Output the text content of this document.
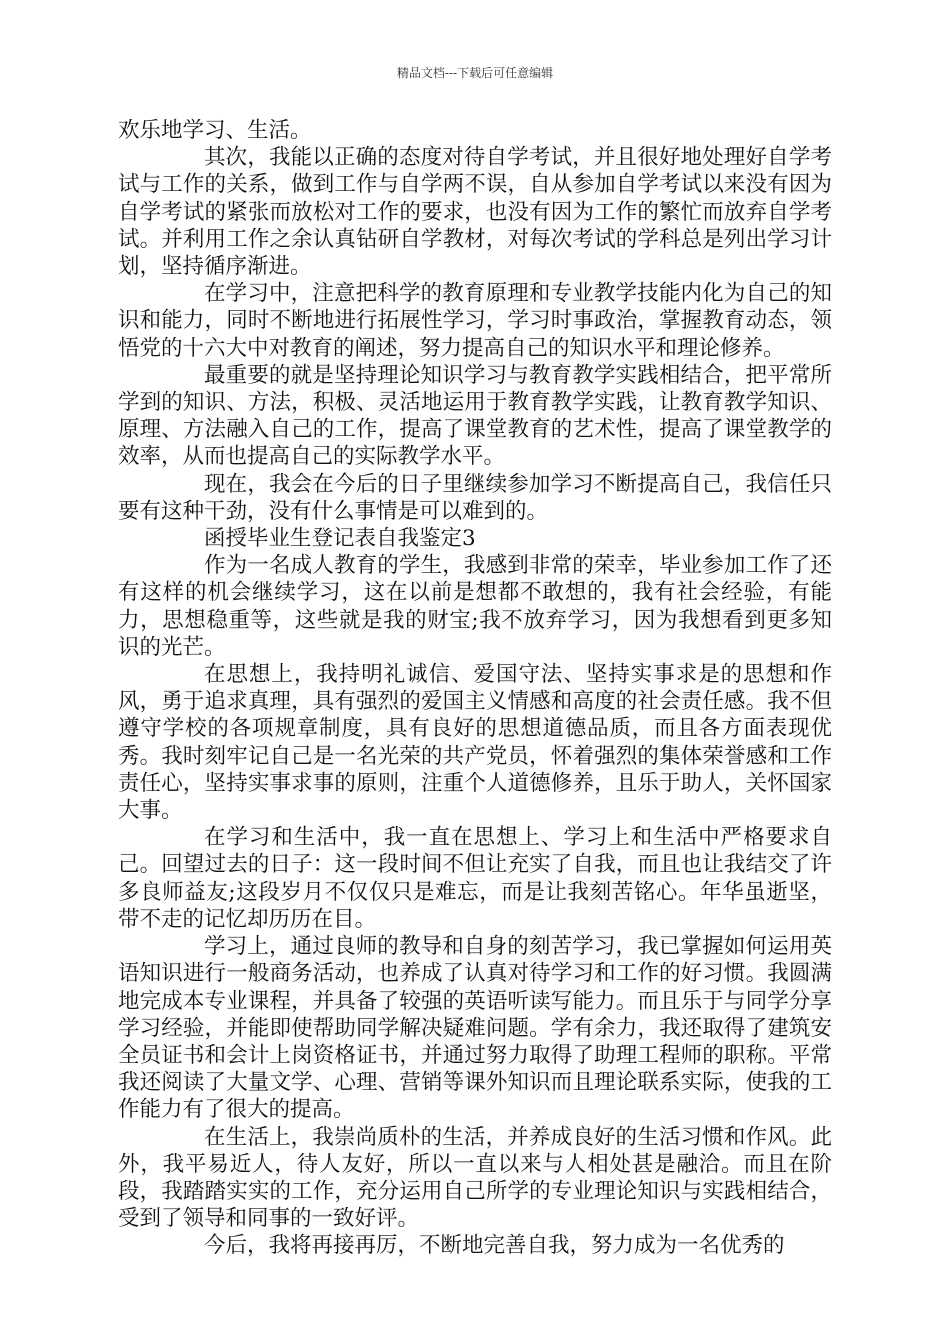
精品文档---下载后可任意编辑

欢乐地学习、生活。

其次，我能以正确的态度对待自学考试，并且很好地处理好自学考试与工作的关系，做到工作与自学两不误，自从参加自学考试以来没有因为自学考试的紧张而放松对工作的要求，也没有因为工作的繁忙而放弃自学考试。并利用工作之余认真钻研自学教材，对每次考试的学科总是列出学习计划，坚持循序渐进。

在学习中，注意把科学的教育原理和专业教学技能内化为自己的知识和能力，同时不断地进行拓展性学习，学习时事政治，掌握教育动态，领悟党的十六大中对教育的阐述，努力提高自己的知识水平和理论修养。

最重要的就是坚持理论知识学习与教育教学实践相结合，把平常所学到的知识、方法，积极、灵活地运用于教育教学实践，让教育教学知识、原理、方法融入自己的工作，提高了课堂教育的艺术性，提高了课堂教学的效率，从而也提高自己的实际教学水平。

现在，我会在今后的日子里继续参加学习不断提高自己，我信任只要有这种干劲，没有什么事情是可以难到的。

函授毕业生登记表自我鉴定3

作为一名成人教育的学生，我感到非常的荣幸，毕业参加工作了还有这样的机会继续学习，这在以前是想都不敢想的，我有社会经验，有能力，思想稳重等，这些就是我的财宝;我不放弃学习，因为我想看到更多知识的光芒。

在思想上，我持明礼诚信、爱国守法、坚持实事求是的思想和作风，勇于追求真理，具有强烈的爱国主义情感和高度的社会责任感。我不但遵守学校的各项规章制度，具有良好的思想道德品质，而且各方面表现优秀。我时刻牢记自己是一名光荣的共产党员，怀着强烈的集体荣誉感和工作责任心，坚持实事求事的原则，注重个人道德修养，且乐于助人，关怀国家大事。

在学习和生活中，我一直在思想上、学习上和生活中严格要求自己。回望过去的日子：这一段时间不但让充实了自我，而且也让我结交了许多良师益友;这段岁月不仅仅只是难忘，而是让我刻苦铭心。年华虽逝坚，带不走的记忆却历历在目。

学习上，通过良师的教导和自身的刻苦学习，我已掌握如何运用英语知识进行一般商务活动，也养成了认真对待学习和工作的好习惯。我圆满地完成本专业课程，并具备了较强的英语听读写能力。而且乐于与同学分享学习经验，并能即使帮助同学解决疑难问题。学有余力，我还取得了建筑安全员证书和会计上岗资格证书，并通过努力取得了助理工程师的职称。平常我还阅读了大量文学、心理、营销等课外知识而且理论联系实际，使我的工作能力有了很大的提高。

在生活上，我崇尚质朴的生活，并养成良好的生活习惯和作风。此外，我平易近人，待人友好，所以一直以来与人相处甚是融洽。而且在阶段，我踏踏实实的工作，充分运用自己所学的专业理论知识与实践相结合，受到了领导和同事的一致好评。

今后，我将再接再厉，不断地完善自我，努力成为一名优秀的
